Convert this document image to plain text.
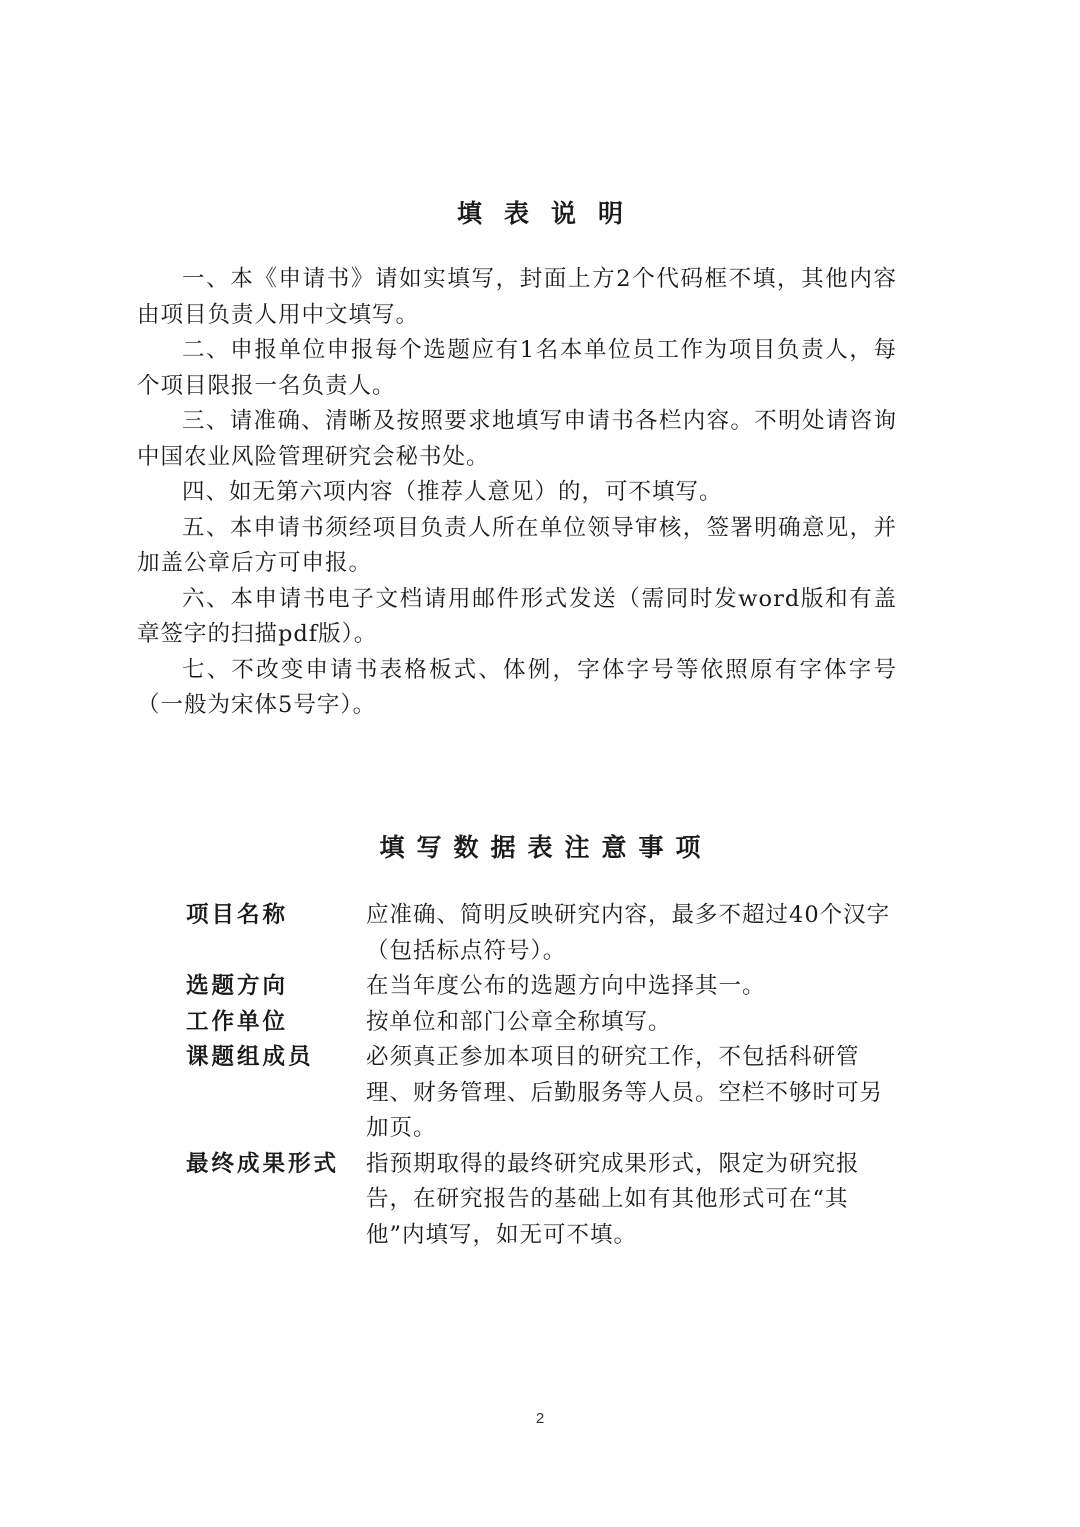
填表说明
一、本《申请书》请如实填写，封面上方2个代码框不填，其他内容由项目负责人用中文填写。
二、申报单位申报每个选题应有1名本单位员工作为项目负责人，每个项目限报一名负责人。
三、请准确、清晰及按照要求地填写申请书各栏内容。不明处请咨询中国农业风险管理研究会秘书处。
四、如无第六项内容（推荐人意见）的，可不填写。
五、本申请书须经项目负责人所在单位领导审核，签署明确意见，并加盖公章后方可申报。
六、本申请书电子文档请用邮件形式发送（需同时发word版和有盖章签字的扫描pdf版）。
七、不改变申请书表格板式、体例，字体字号等依照原有字体字号（一般为宋体5号字）。
填写数据表注意事项
项目名称	应准确、简明反映研究内容，最多不超过40个汉字（包括标点符号）。
选题方向	在当年度公布的选题方向中选择其一。
工作单位	按单位和部门公章全称填写。
课题组成员	必须真正参加本项目的研究工作，不包括科研管理、财务管理、后勤服务等人员。空栏不够时可另加页。
最终成果形式	指预期取得的最终研究成果形式，限定为研究报告，在研究报告的基础上如有其他形式可在“其他”内填写，如无可不填。
2
